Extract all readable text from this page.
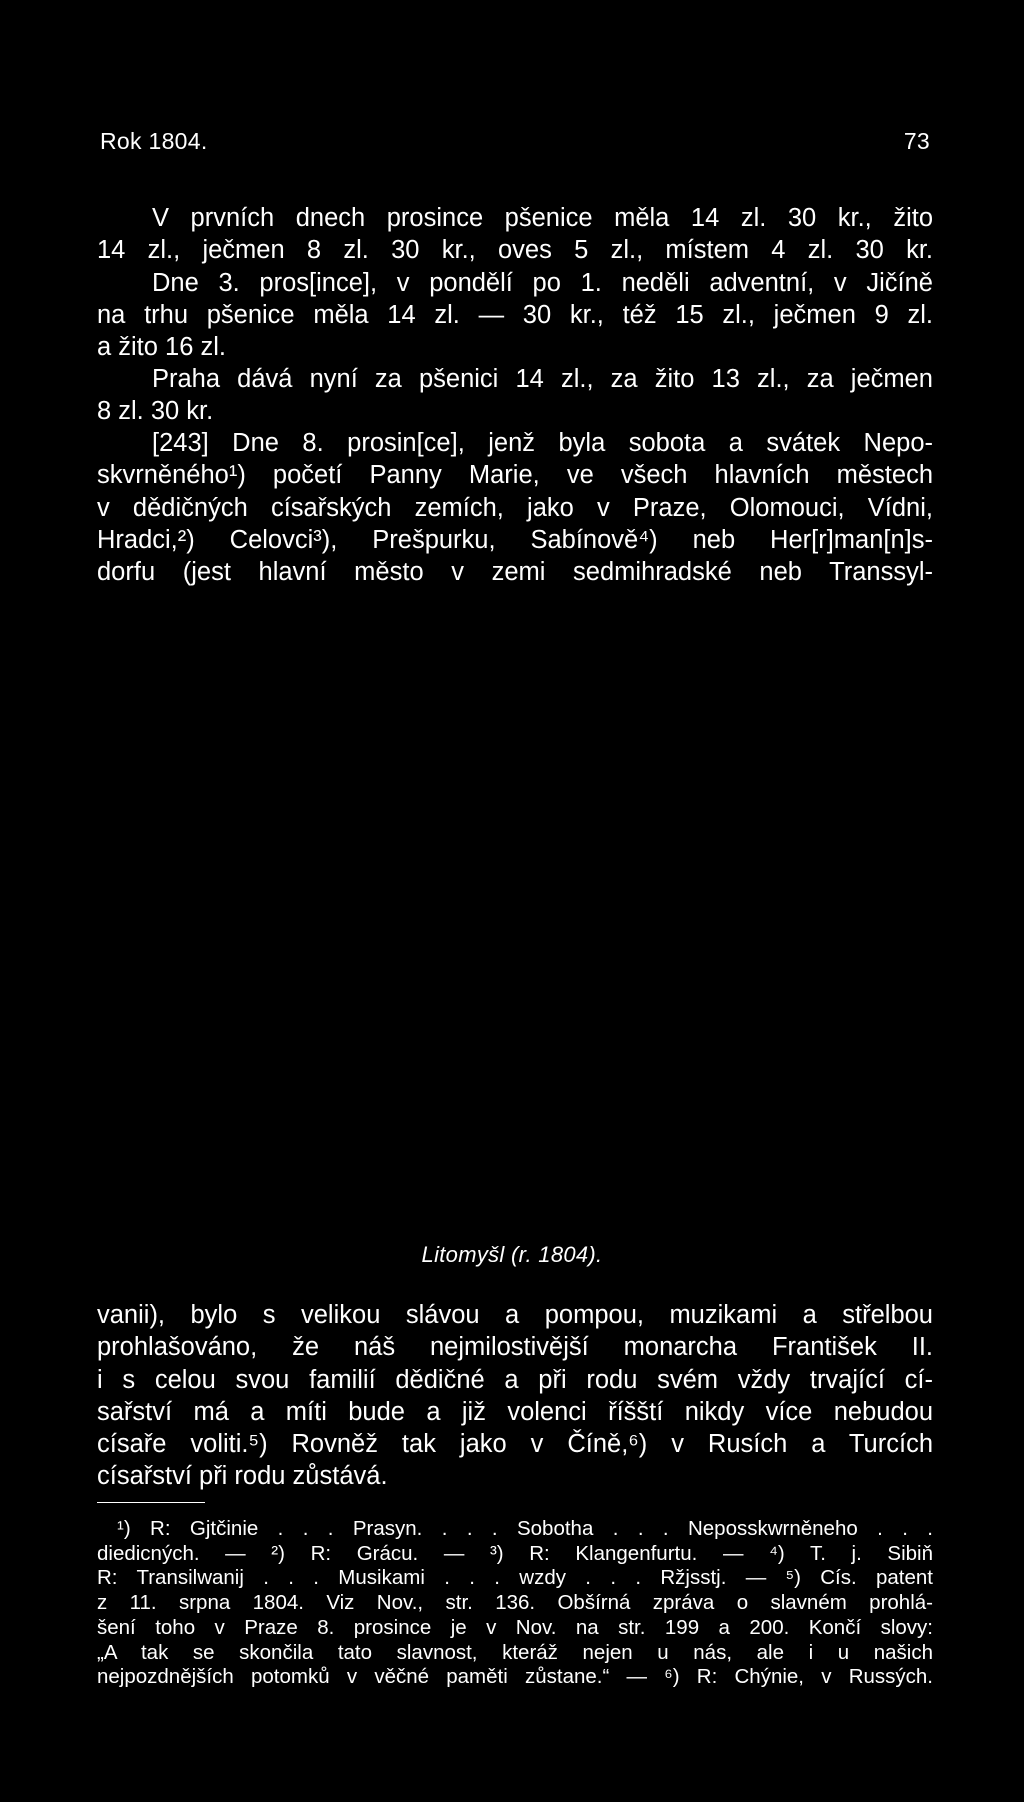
Rok 1804.	73
V prvních dnech prosince pšenice měla 14 zl. 30 kr., žito
14 zl., ječmen 8 zl. 30 kr., oves 5 zl., místem 4 zl. 30 kr.
Dne 3. pros[ince], v pondělí po 1. neděli adventní, v Jičíně
na trhu pšenice měla 14 zl. — 30 kr., též 15 zl., ječmen 9 zl.
a žito 16 zl.
Praha dává nyní za pšenici 14 zl., za žito 13 zl., za ječmen
8 zl. 30 kr.
[243] Dne 8. prosin[ce], jenž byla sobota a svátek Nepo-
skvrněného¹) početí Panny Marie, ve všech hlavních městech
v dědičných císařských zemích, jako v Praze, Olomouci, Vídni,
Hradci,²) Celovci³), Prešpurku, Sabínově⁴) neb Her[r]man[n]s-
dorfu (jest hlavní město v zemi sedmihradské neb Transsyl-
Litomyšl (r. 1804).
vanii), bylo s velikou slávou a pompou, muzikami a střelbou
prohlašováno, že náš nejmilostivější monarcha František II.
i s celou svou familií dědičné a při rodu svém vždy trvající cí-
sařství má a míti bude a již volenci říšští nikdy více nebudou
císaře voliti.⁵) Rovněž tak jako v Číně,⁶) v Rusích a Turcích
císařství při rodu zůstává.
¹) R: Gjtčinie . . . Prasyn. . . . Sobotha . . . Neposskwrněneho . . .
diedicných. — ²) R: Grácu. — ³) R: Klangenfurtu. — ⁴) T. j. Sibiň
R: Transilwanij . . . Musikami . . . wzdy . . . Ržjsstj. — ⁵) Cís. patent
z 11. srpna 1804. Viz Nov., str. 136. Obšírná zpráva o slavném prohlá-
šení toho v Praze 8. prosince je v Nov. na str. 199 a 200. Končí slovy:
„A tak se skončila tato slavnost, kteráž nejen u nás, ale i u našich
nejpozdnějších potomků v věčné paměti zůstane.“ — ⁶) R: Chýnie, v Russých.
